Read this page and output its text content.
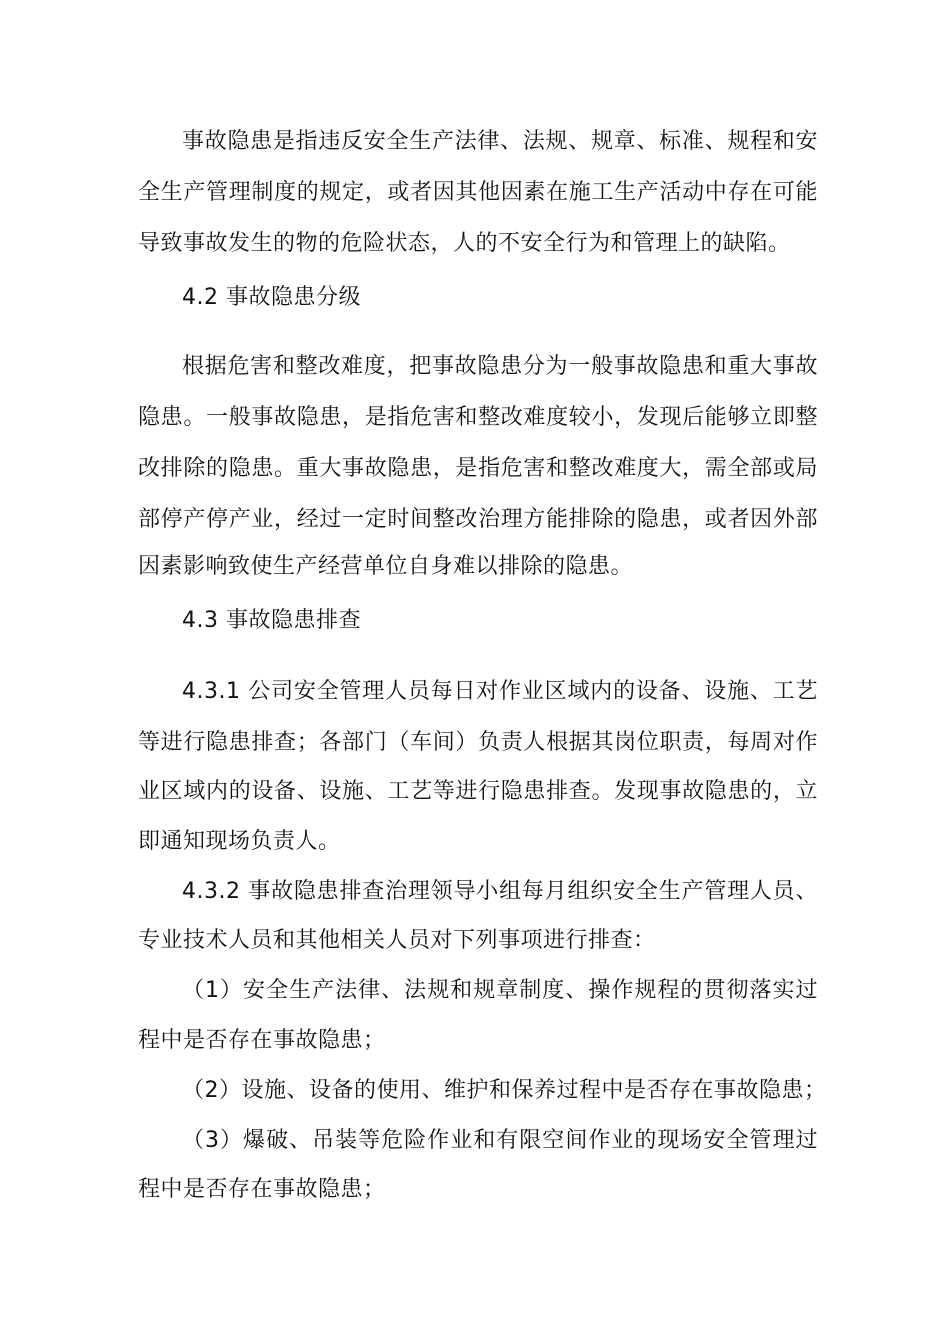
事故隐患是指违反安全生产法律、法规、规章、标准、规程和安
全生产管理制度的规定，或者因其他因素在施工生产活动中存在可能
导致事故发生的物的危险状态，人的不安全行为和管理上的缺陷。
4.2 事故隐患分级
根据危害和整改难度，把事故隐患分为一般事故隐患和重大事故
隐患。一般事故隐患，是指危害和整改难度较小，发现后能够立即整
改排除的隐患。重大事故隐患，是指危害和整改难度大，需全部或局
部停产停产业，经过一定时间整改治理方能排除的隐患，或者因外部
因素影响致使生产经营单位自身难以排除的隐患。
4.3 事故隐患排查
4.3.1 公司安全管理人员每日对作业区域内的设备、设施、工艺
等进行隐患排查；各部门（车间）负责人根据其岗位职责，每周对作
业区域内的设备、设施、工艺等进行隐患排查。发现事故隐患的，立
即通知现场负责人。
4.3.2 事故隐患排查治理领导小组每月组织安全生产管理人员、
专业技术人员和其他相关人员对下列事项进行排查：
（1）安全生产法律、法规和规章制度、操作规程的贯彻落实过
程中是否存在事故隐患；
（2）设施、设备的使用、维护和保养过程中是否存在事故隐患；
（3）爆破、吊装等危险作业和有限空间作业的现场安全管理过
程中是否存在事故隐患；
